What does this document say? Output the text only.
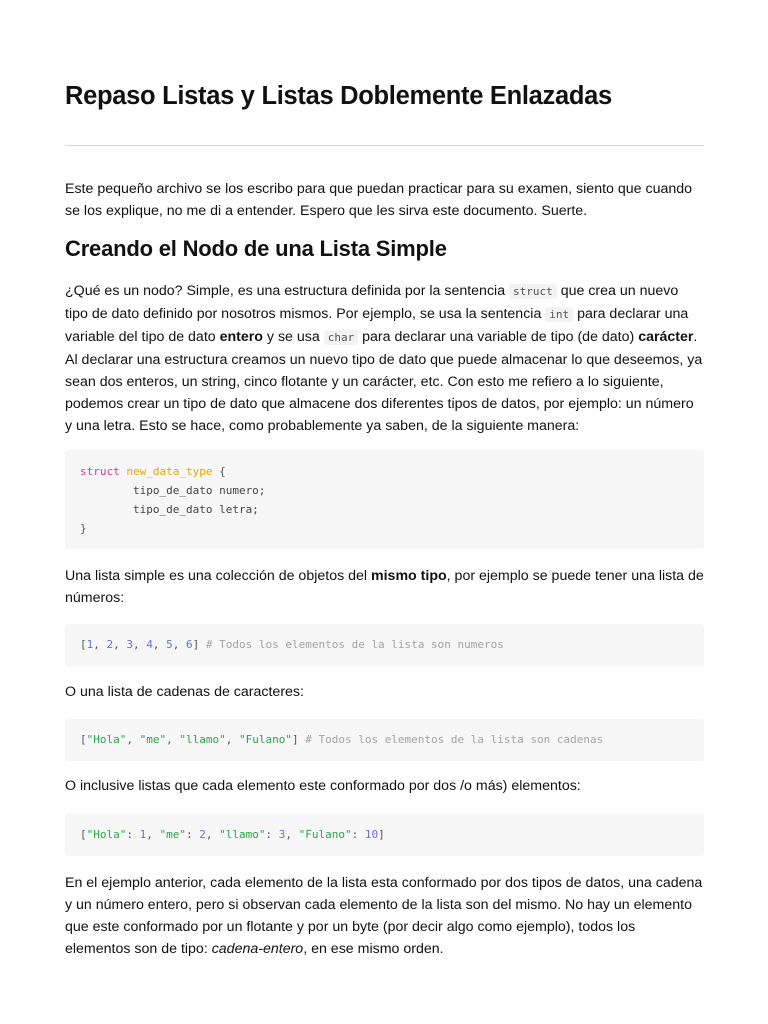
Repaso Listas y Listas Doblemente Enlazadas

Este pequeño archivo se los escribo para que puedan practicar para su examen, siento que cuando se los explique, no me di a entender. Espero que les sirva este documento. Suerte.

Creando el Nodo de una Lista Simple

¿Qué es un nodo? Simple, es una estructura definida por la sentencia struct que crea un nuevo tipo de dato definido por nosotros mismos. Por ejemplo, se usa la sentencia int para declarar una variable del tipo de dato entero y se usa char para declarar una variable de tipo (de dato) carácter. Al declarar una estructura creamos un nuevo tipo de dato que puede almacenar lo que deseemos, ya sean dos enteros, un string, cinco flotante y un carácter, etc. Con esto me refiero a lo siguiente, podemos crear un tipo de dato que almacene dos diferentes tipos de datos, por ejemplo: un número y una letra. Esto se hace, como probablemente ya saben, de la siguiente manera:

struct new_data_type {
tipo_de_dato numero;
tipo_de_dato letra;
}

Una lista simple es una colección de objetos del mismo tipo, por ejemplo se puede tener una lista de números:

[1, 2, 3, 4, 5, 6] # Todos los elementos de la lista son numeros

O una lista de cadenas de caracteres:

["Hola", "me", "llamo", "Fulano"] # Todos los elementos de la lista son cadenas

O inclusive listas que cada elemento este conformado por dos /o más) elementos:

["Hola": 1, "me": 2, "llamo": 3, "Fulano": 10]

En el ejemplo anterior, cada elemento de la lista esta conformado por dos tipos de datos, una cadena y un número entero, pero si observan cada elemento de la lista son del mismo. No hay un elemento que este conformado por un flotante y por un byte (por decir algo como ejemplo), todos los elementos son de tipo: cadena-entero, en ese mismo orden.
